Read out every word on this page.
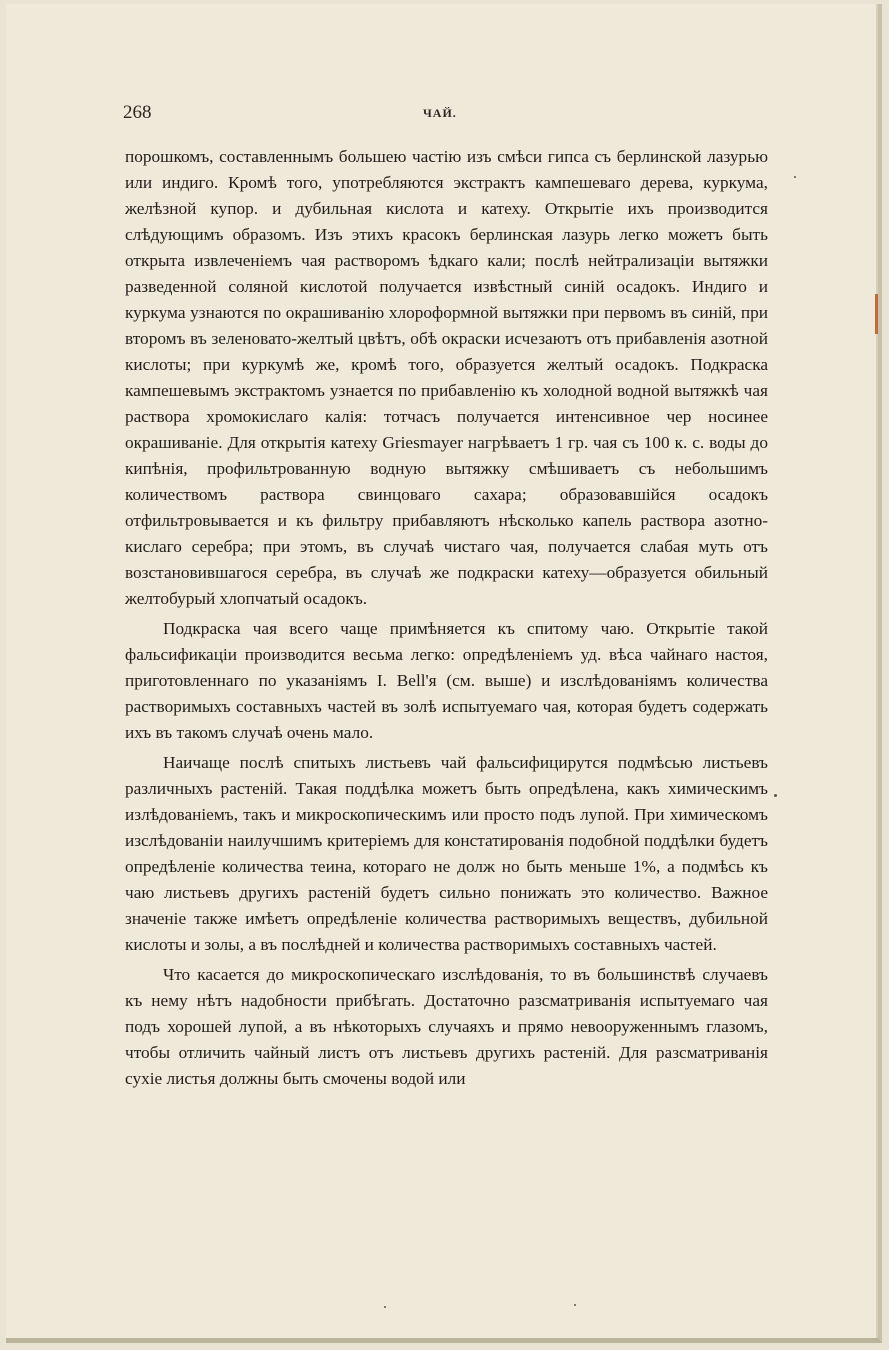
268	ЧАЙ.

порошкомъ, составленнымъ большею частію изъ смѣси гипса съ берлинской лазурью или индиго. Кромѣ того, употребляются экстрактъ кампешеваго дерева, куркума, желѣзной купор. и дубильная кислота и катеху. Открытіе ихъ производится слѣдующимъ образомъ. Изъ этихъ красокъ берлинская лазурь легко можетъ быть открыта извлеченіемъ чая растворомъ ѣдкаго кали; послѣ нейтрализаціи вытяжки разведенной соляной кислотой получается извѣстный синій осадокъ. Индиго и куркума узнаются по окрашиванію хлороформной вытяжки при первомъ въ синій, при второмъ въ зеленовато-желтый цвѣтъ, обѣ окраски исчезаютъ отъ прибавленія азотной кислоты; при куркумѣ же, кромѣ того, образуется желтый осадокъ. Подкраска кампешевымъ экстрактомъ узнается по прибавленію къ холодной водной вытяжкѣ чая раствора хромокислаго калія: тотчасъ получается интенсивное чер носинее окрашиваніе. Для открытія катеху Griesmayer нагрѣваетъ 1 гр. чая съ 100 к. с. воды до кипѣнія, профильтрованную водную вытяжку смѣшиваетъ съ небольшимъ количествомъ раствора свинцоваго сахара; образовавшійся осадокъ отфильтровывается и къ фильтру прибавляютъ нѣсколько капель раствора азотно-кислаго серебра; при этомъ, въ случаѣ чистаго чая, получается слабая муть отъ возстановившагося серебра, въ случаѣ же подкраски катеху—образуется обильный желтобурый хлопчатый осадокъ.

Подкраска чая всего чаще примѣняется къ спитому чаю. Открытіе такой фальсификаціи производится весьма легко: опредѣленіемъ уд. вѣса чайнаго настоя, приготовленнаго по указаніямъ I. Bell'я (см. выше) и изслѣдованіямъ количества растворимыхъ составныхъ частей въ золѣ испытуемаго чая, которая будетъ содержать ихъ въ такомъ случаѣ очень мало.

Наичаще послѣ спитыхъ листьевъ чай фальсифицирутся подмѣсью листьевъ различныхъ растеній. Такая поддѣлка можетъ быть опредѣлена, какъ химическимъ излѣдованіемъ, такъ и микроскопическимъ или просто подъ лупой. При химическомъ изслѣдованіи наилучшимъ критеріемъ для констатированія подобной поддѣлки будетъ опредѣленіе количества теина, котораго не долж но быть меньше 1%, а подмѣсь къ чаю листьевъ другихъ растеній будетъ сильно понижать это количество. Важное значеніе также имѣетъ опредѣленіе количества растворимыхъ веществъ, дубильной кислоты и золы, а въ послѣдней и количества растворимыхъ составныхъ частей.

Что касается до микроскопическаго изслѣдованія, то въ большинствѣ случаевъ къ нему нѣтъ надобности прибѣгать. Достаточно разсматриванія испытуемаго чая подъ хорошей лупой, а въ нѣкоторыхъ случаяхъ и прямо невооруженнымъ глазомъ, чтобы отличить чайный листъ отъ листьевъ другихъ растеній. Для разсматриванія сухіе листья должны быть смочены водой или
